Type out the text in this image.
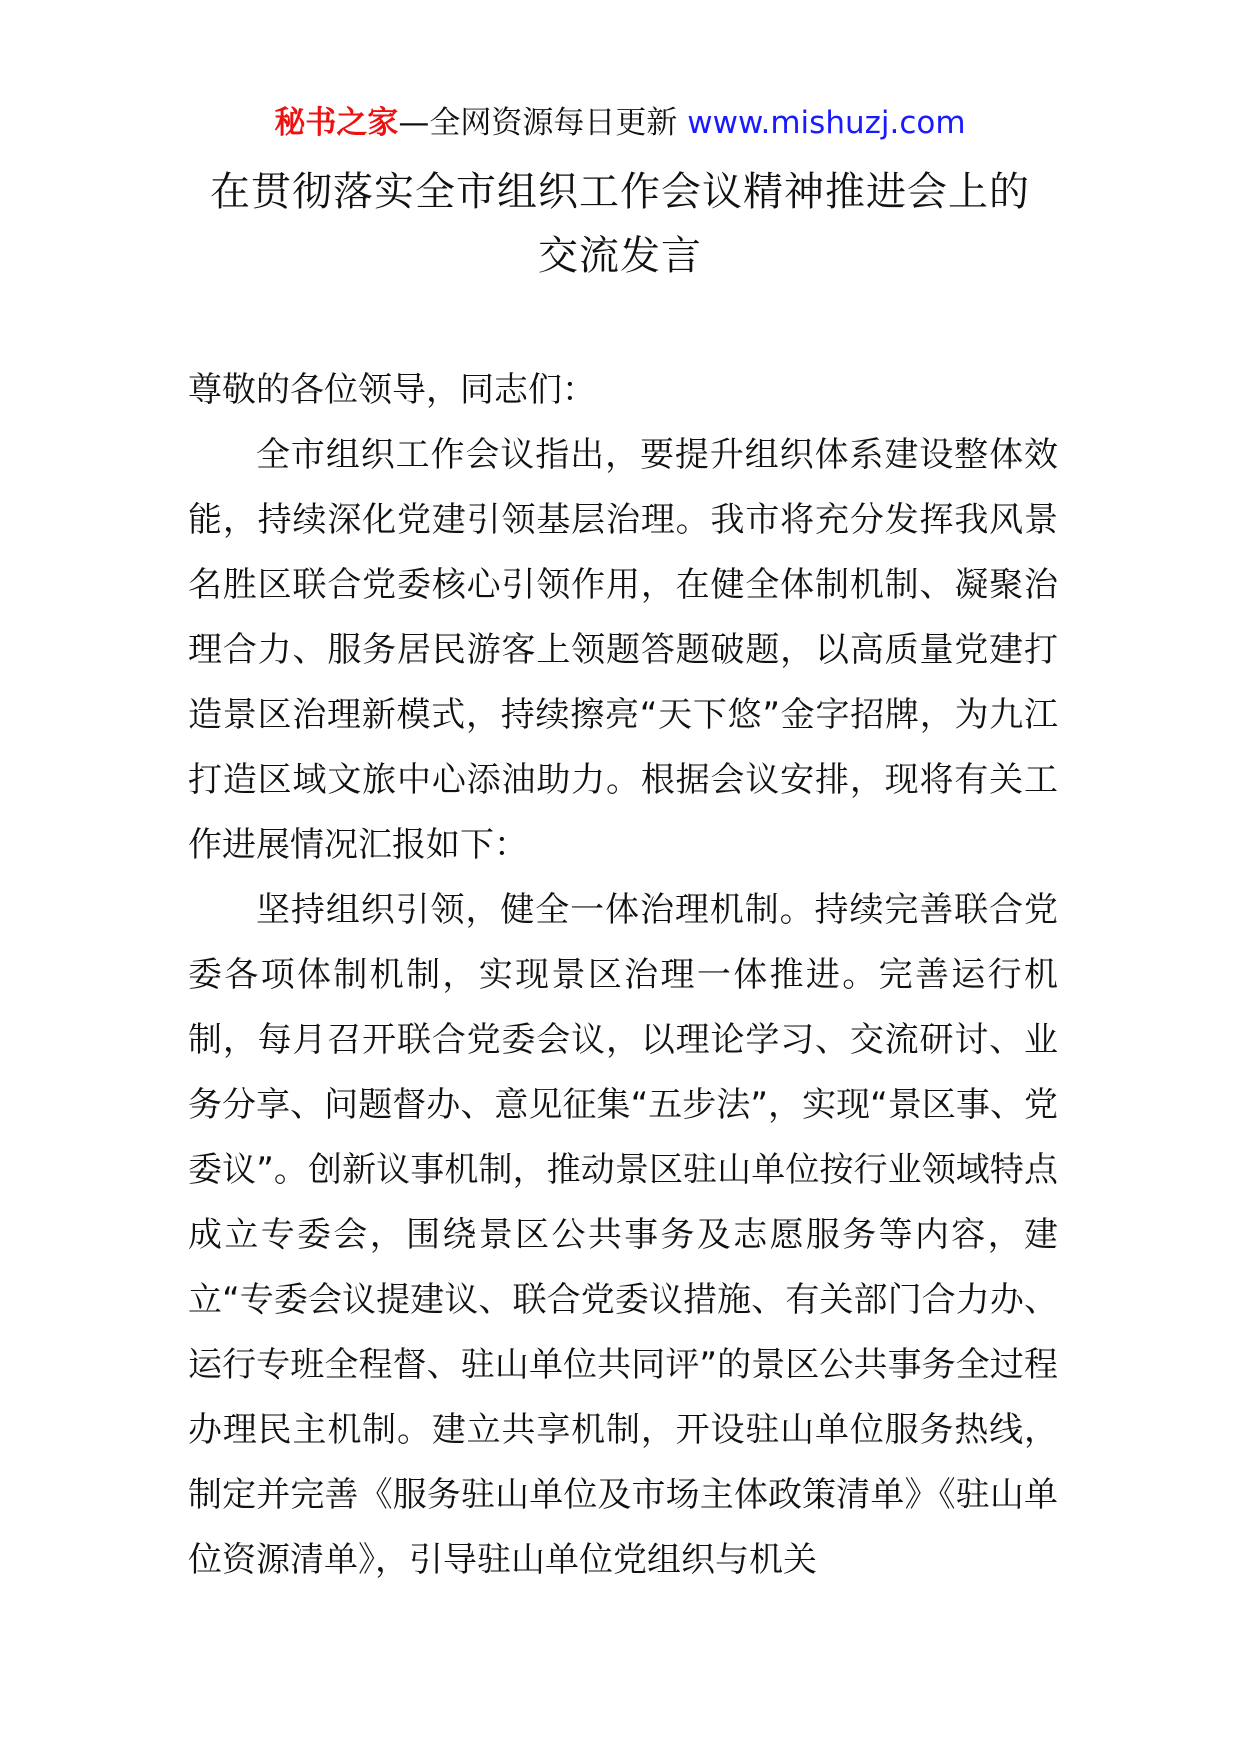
秘书之家—全网资源每日更新 www.mishuzj.com
在贯彻落实全市组织工作会议精神推进会上的
交流发言

尊敬的各位领导，同志们：

全市组织工作会议指出，要提升组织体系建设整体效能，持续深化党建引领基层治理。我市将充分发挥我风景名胜区联合党委核心引领作用，在健全体制机制、凝聚治理合力、服务居民游客上领题答题破题，以高质量党建打造景区治理新模式，持续擦亮“天下悠”金字招牌，为九江打造区域文旅中心添油助力。根据会议安排，现将有关工作进展情况汇报如下：

坚持组织引领，健全一体治理机制。持续完善联合党委各项体制机制，实现景区治理一体推进。完善运行机制，每月召开联合党委会议，以理论学习、交流研讨、业务分享、问题督办、意见征集“五步法”，实现“景区事、党委议”。创新议事机制，推动景区驻山单位按行业领域特点成立专委会，围绕景区公共事务及志愿服务等内容，建立“专委会议提建议、联合党委议措施、有关部门合力办、运行专班全程督、驻山单位共同评”的景区公共事务全过程办理民主机制。建立共享机制，开设驻山单位服务热线，制定并完善《服务驻山单位及市场主体政策清单》《驻山单位资源清单》，引导驻山单位党组织与机关
